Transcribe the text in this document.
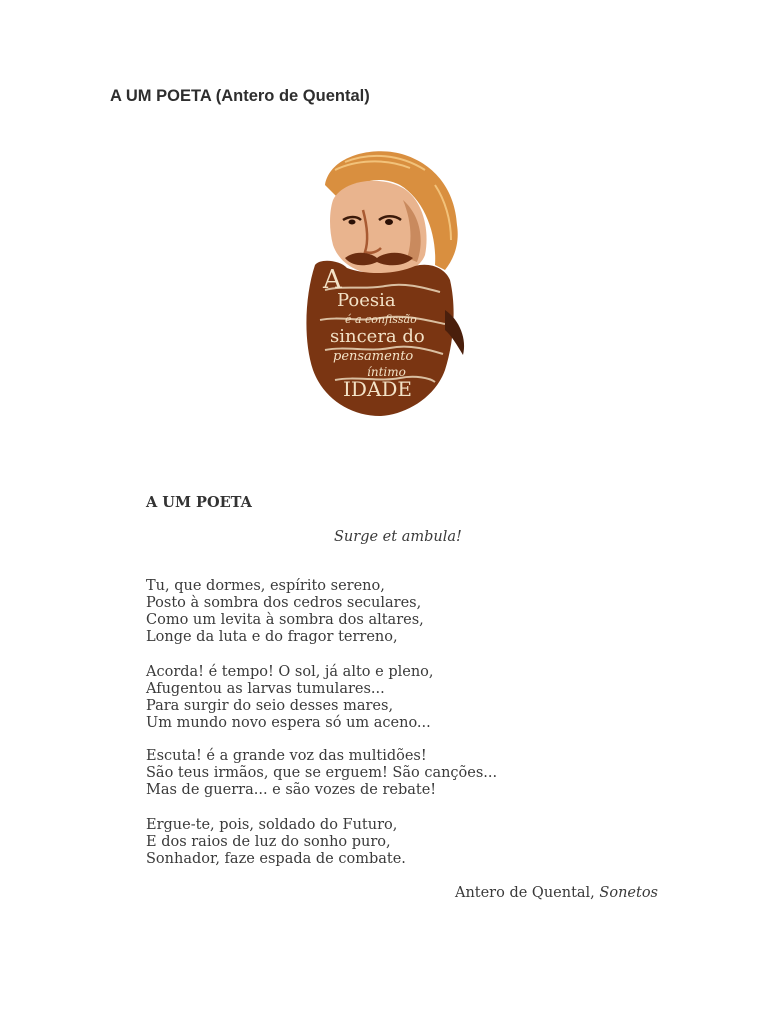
A UM POETA (Antero de Quental)
A
Poesia
é a confissão
sincera do
pensamento
íntimo
IDADE
A UM POETA
Surge et ambula!
Tu, que dormes, espírito sereno,
Posto à sombra dos cedros seculares,
Como um levita à sombra dos altares,
Longe da luta e do fragor terreno,
Acorda! é tempo! O sol, já alto e pleno,
Afugentou as larvas tumulares...
Para surgir do seio desses mares,
Um mundo novo espera só um aceno...
Escuta! é a grande voz das multidões!
São teus irmãos, que se erguem! São canções...
Mas de guerra... e são vozes de rebate!
Ergue-te, pois, soldado do Futuro,
E dos raios de luz do sonho puro,
Sonhador, faze espada de combate.
Antero de Quental, Sonetos
